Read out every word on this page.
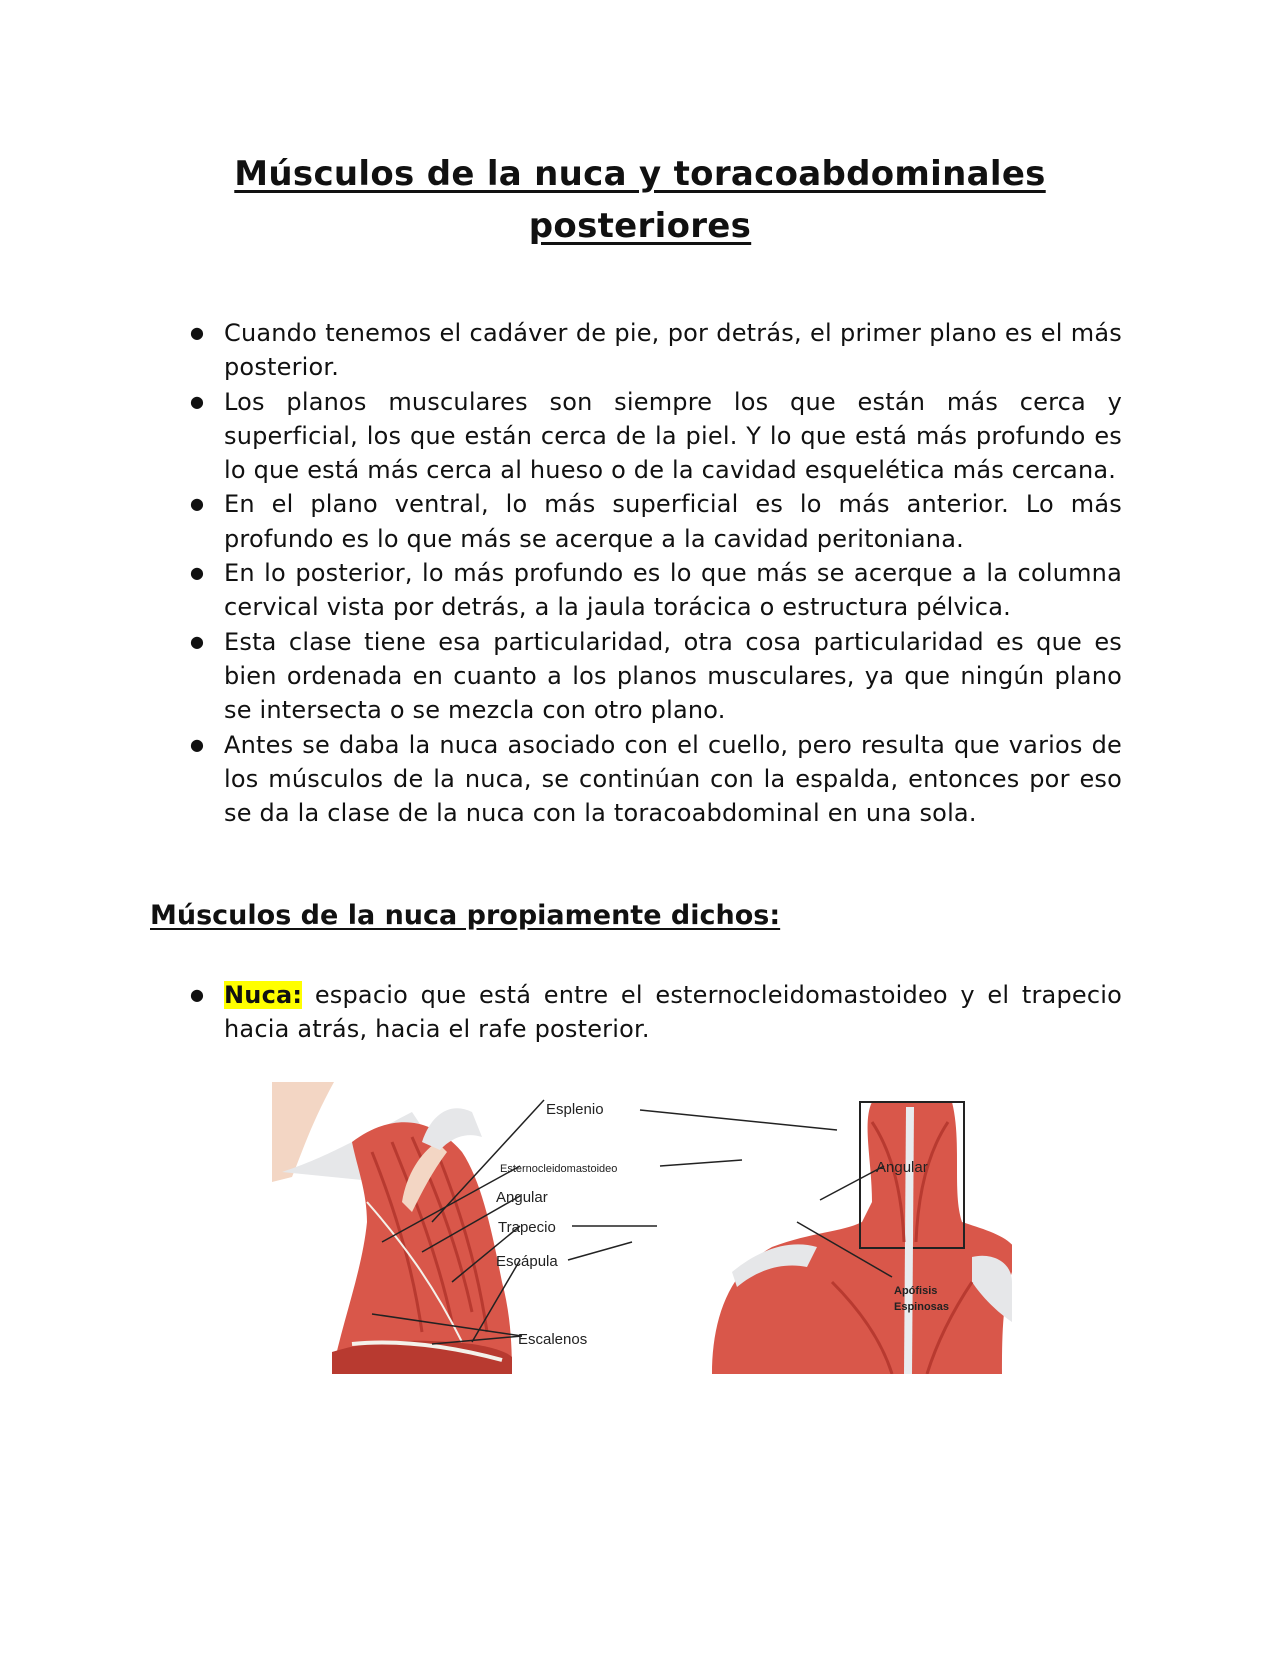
Músculos de la nuca y toracoabdominales posteriores
● Cuando tenemos el cadáver de pie, por detrás, el primer plano es el más posterior.
● Los planos musculares son siempre los que están más cerca y superficial, los que están cerca de la piel. Y lo que está más profundo es lo que está más cerca al hueso o de la cavidad esquelética más cercana.
● En el plano ventral, lo más superficial es lo más anterior. Lo más profundo es lo que más se acerque a la cavidad peritoniana.
● En lo posterior, lo más profundo es lo que más se acerque a la columna cervical vista por detrás, a la jaula torácica o estructura pélvica.
● Esta clase tiene esa particularidad, otra cosa particularidad es que es bien ordenada en cuanto a los planos musculares, ya que ningún plano se intersecta o se mezcla con otro plano.
● Antes se daba la nuca asociado con el cuello, pero resulta que varios de los músculos de la nuca, se continúan con la espalda, entonces por eso se da la clase de la nuca con la toracoabdominal en una sola.
Músculos de la nuca propiamente dichos:
● Nuca: espacio que está entre el esternocleidomastoideo y el trapecio hacia atrás, hacia el rafe posterior.
Esplenio
Esternocleidomastoideo
Angular
Trapecio
Escápula
Escalenos
Angular
Apófisis
Espinosas
